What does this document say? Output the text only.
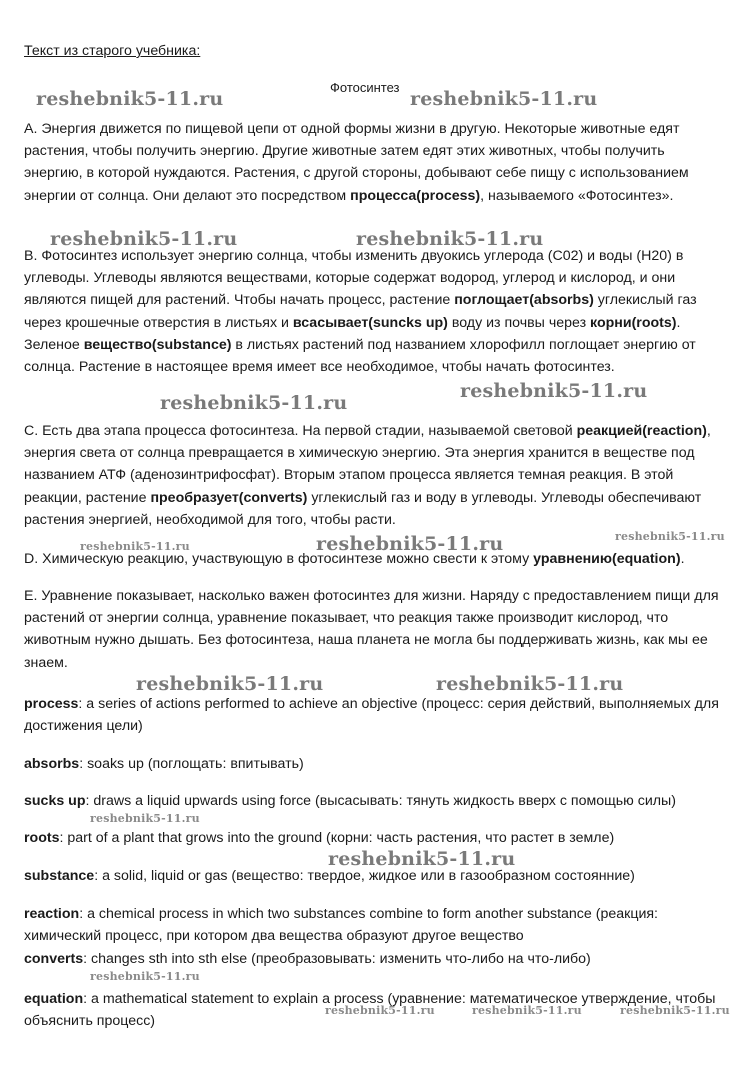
Текст из старого учебника:

Фотосинтез

A. Энергия движется по пищевой цепи от одной формы жизни в другую. Некоторые животные едят растения, чтобы получить энергию. Другие животные затем едят этих животных, чтобы получить энергию, в которой нуждаются. Растения, с другой стороны, добывают себе пищу с использованием энергии от солнца. Они делают это посредством процесса(process), называемого «Фотосинтез».

B. Фотосинтез использует энергию солнца, чтобы изменить двуокись углерода (С02) и воды (Н20) в углеводы. Углеводы являются веществами, которые содержат водород, углерод и кислород, и они являются пищей для растений. Чтобы начать процесс, растение поглощает(absorbs) углекислый газ через крошечные отверстия в листьях и всасывает(suncks up) воду из почвы через корни(roots). Зеленое вещество(substance) в листьях растений под названием хлорофилл поглощает энергию от солнца. Растение в настоящее время имеет все необходимое, чтобы начать фотосинтез.

C. Есть два этапа процесса фотосинтеза. На первой стадии, называемой световой реакцией(reaction), энергия света от солнца превращается в химическую энергию. Эта энергия хранится в веществе под названием АТФ (аденозинтрифосфат). Вторым этапом процесса является темная реакция. В этой реакции, растение преобразует(converts) углекислый газ и воду в углеводы. Углеводы обеспечивают растения энергией, необходимой для того, чтобы расти.

D. Химическую реакцию, участвующую в фотосинтезе можно свести к этому уравнению(equation).

E. Уравнение показывает, насколько важен фотосинтез для жизни. Наряду с предоставлением пищи для растений от энергии солнца, уравнение показывает, что реакция также производит кислород, что животным нужно дышать. Без фотосинтеза, наша планета не могла бы поддерживать жизнь, как мы ее знаем.

process: a series of actions performed to achieve an objective (процесс: серия действий, выполняемых для достижения цели)

absorbs: soaks up (поглощать: впитывать)

sucks up: draws a liquid upwards using force (высасывать: тянуть жидкость вверх с помощью силы)

roots: part of a plant that grows into the ground (корни: часть растения, что растет в земле)

substance: a solid, liquid or gas (вещество: твердое, жидкое или в газообразном состоянние)

reaction: a chemical process in which two substances combine to form another substance (реакция: химический процесс, при котором два вещества образуют другое вещество

converts: changes sth into sth else (преобразовывать: изменить что-либо на что-либо)

equation: a mathematical statement to explain a process (уравнение: математическое утверждение, чтобы объяснить процесс)

reshebnik5-11.ru	reshebnik5-11.ru
reshebnik5-11.ru	reshebnik5-11.ru
reshebnik5-11.ru
reshebnik5-11.ru
reshebnik5-11.ru
reshebnik5-11.ru	reshebnik5-11.ru
reshebnik5-11.ru	reshebnik5-11.ru
reshebnik5-11.ru
reshebnik5-11.ru
reshebnik5-11.ru
reshebnik5-11.ru	reshebnik5-11.ru	reshebnik5-11.ru
